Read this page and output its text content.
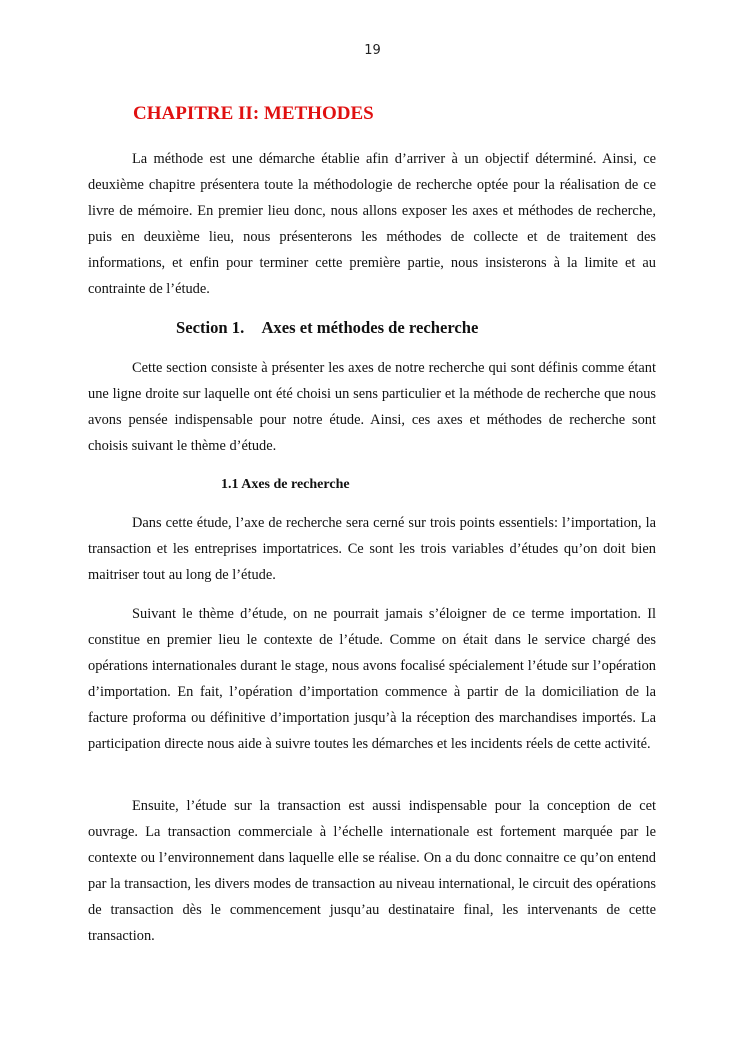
19
CHAPITRE II: METHODES

La méthode est une démarche établie afin d’arriver à un objectif déterminé. Ainsi, ce deuxième chapitre présentera toute la méthodologie de recherche optée pour la réalisation de ce livre de mémoire. En premier lieu donc, nous allons exposer les axes et méthodes de recherche, puis en deuxième lieu, nous présenterons les méthodes de collecte et de traitement des informations, et enfin pour terminer cette première partie, nous insisterons à la limite et au contrainte de l’étude.

Section 1. Axes et méthodes de recherche

Cette section consiste à présenter les axes de notre recherche qui sont définis comme étant une ligne droite sur laquelle ont été choisi un sens particulier et la méthode de recherche que nous avons pensée indispensable pour notre étude. Ainsi, ces axes et méthodes de recherche sont choisis suivant le thème d’étude.

1.1 Axes de recherche

Dans cette étude, l’axe de recherche sera cerné sur trois points essentiels: l’importation, la transaction et les entreprises importatrices. Ce sont les trois variables d’études qu’on doit bien maitriser tout au long de l’étude.

Suivant le thème d’étude, on ne pourrait jamais s’éloigner de ce terme importation. Il constitue en premier lieu le contexte de l’étude. Comme on était dans le service chargé des opérations internationales durant le stage, nous avons focalisé spécialement l’étude sur l’opération d’importation. En fait, l’opération d’importation commence à partir de la domiciliation de la facture proforma ou définitive d’importation jusqu’à la réception des marchandises importés. La participation directe nous aide à suivre toutes les démarches et les incidents réels de cette activité.

Ensuite, l’étude sur la transaction est aussi indispensable pour la conception de cet ouvrage. La transaction commerciale à l’échelle internationale est fortement marquée par le contexte ou l’environnement dans laquelle elle se réalise. On a du donc connaitre ce qu’on entend par la transaction, les divers modes de transaction au niveau international, le circuit des opérations de transaction dès le commencement jusqu’au destinataire final, les intervenants de cette transaction.
